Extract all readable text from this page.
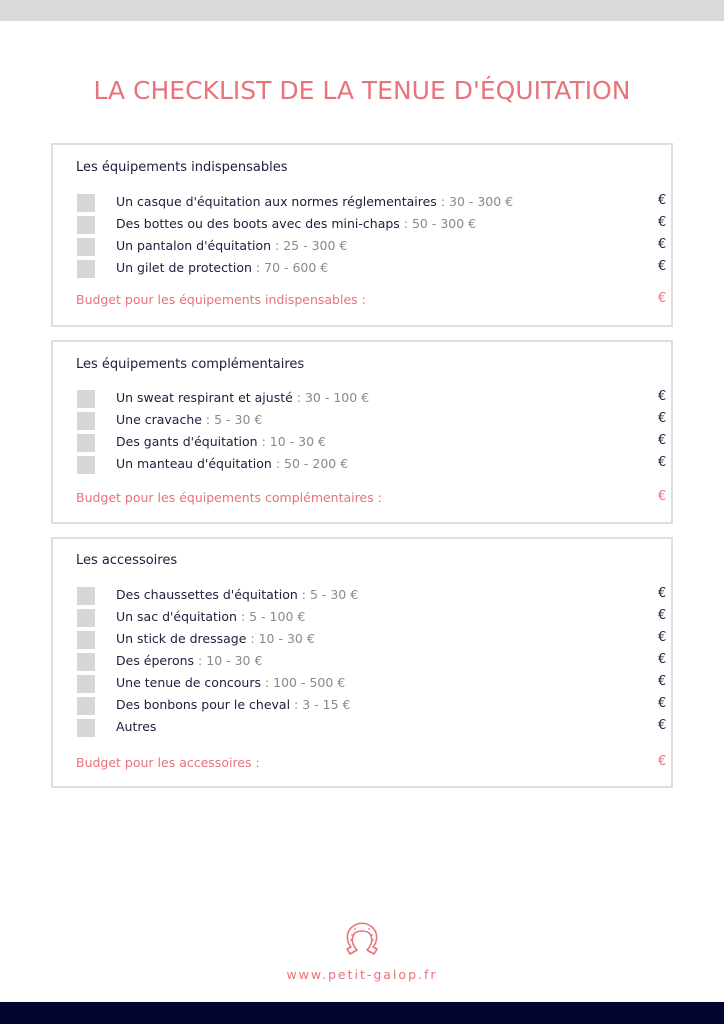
LA CHECKLIST DE LA TENUE D'ÉQUITATION
Les équipements indispensables
Un casque d'équitation aux normes réglementaires : 30 - 300 €	€
Des bottes ou des boots avec des mini-chaps : 50 - 300 €	€
Un pantalon d'équitation : 25 - 300 €	€
Un gilet de protection : 70 - 600 €	€
Budget pour les équipements indispensables :	€
Les équipements complémentaires
Un sweat respirant et ajusté : 30 - 100 €	€
Une cravache : 5 - 30 €	€
Des gants d'équitation : 10 - 30 €	€
Un manteau d'équitation : 50 - 200 €	€
Budget pour les équipements complémentaires :	€
Les accessoires
Des chaussettes d'équitation : 5 - 30 €	€
Un sac d'équitation : 5 - 100 €	€
Un stick de dressage : 10 - 30 €	€
Des éperons : 10 - 30 €	€
Une tenue de concours : 100 - 500 €	€
Des bonbons pour le cheval : 3 - 15 €	€
Autres	€
Budget pour les accessoires :	€
www.petit-galop.fr
